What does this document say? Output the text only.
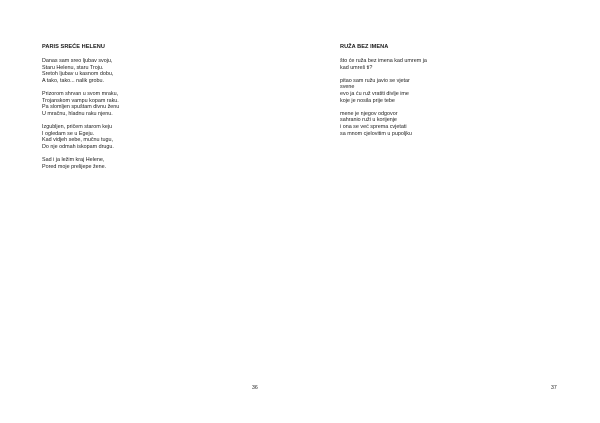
PARIS SREĆE HELENU
Danas sam sreo ljubav svoju,
Staru Helenu, staru Troju.
Sretoh ljubav u kasnom dobu,
A tako, tako... nalik grobu.
Prizorom shrvan u svom mraku,
Trojanskom vampu kopam raku.
Pa slomljen spuštam divnu ženu
U mračnu, hladnu raku njenu.
Izgubljen, pričem starom keju
I ogledam se u Egeju.
Kad vidjeh sebe, mučnu tugu,
Do nje odmah iskopam drugu.
Sad i ja ležim kraj Helene,
Pored moje prelijepe žene.
36
RUŽA BEZ IMENA
što će ruža bez imena kad umrem ja
kad umreš ti?
pitao sam ružu javio se vjetar
svene
evo ja ću ruž vratiti divlje ime
koje je nosila prije tebe
mene je njegov odgovor
sahranio ruži u korijenje
i ona se već sprema cvjetati
sa mnom cjelovitim u pupoljku
37
